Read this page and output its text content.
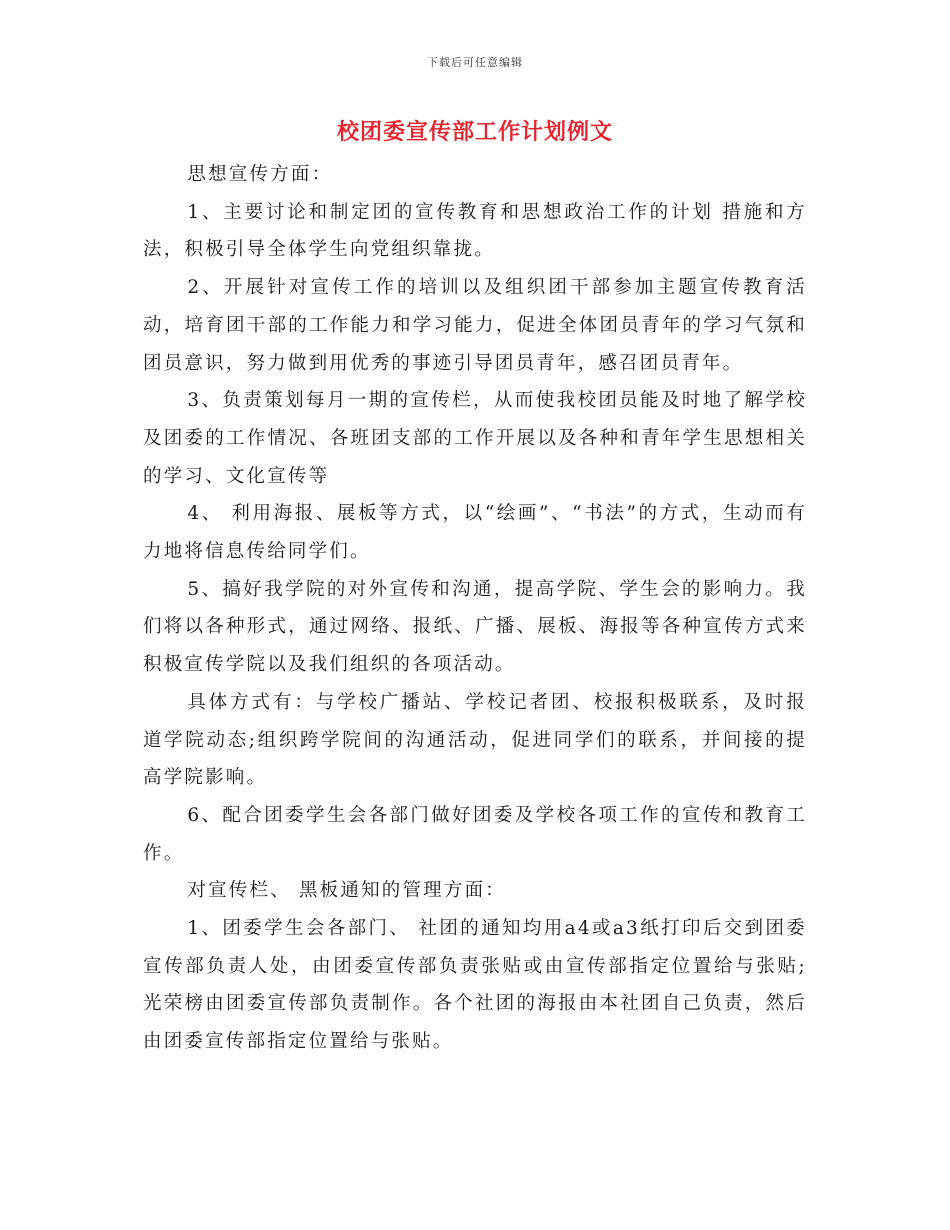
下载后可任意编辑
校团委宣传部工作计划例文

思想宣传方面：

1、主要讨论和制定团的宣传教育和思想政治工作的计划 措施和方法，积极引导全体学生向党组织靠拢。

2、开展针对宣传工作的培训以及组织团干部参加主题宣传教育活动，培育团干部的工作能力和学习能力，促进全体团员青年的学习气氛和团员意识，努力做到用优秀的事迹引导团员青年，感召团员青年。

3、负责策划每月一期的宣传栏，从而使我校团员能及时地了解学校及团委的工作情况、各班团支部的工作开展以及各种和青年学生思想相关的学习、文化宣传等

4、 利用海报、展板等方式，以“绘画”、“书法”的方式，生动而有力地将信息传给同学们。

5、搞好我学院的对外宣传和沟通，提高学院、学生会的影响力。我们将以各种形式，通过网络、报纸、广播、展板、海报等各种宣传方式来积极宣传学院以及我们组织的各项活动。

具体方式有：与学校广播站、学校记者团、校报积极联系，及时报道学院动态;组织跨学院间的沟通活动，促进同学们的联系，并间接的提高学院影响。

6、配合团委学生会各部门做好团委及学校各项工作的宣传和教育工作。

对宣传栏、 黑板通知的管理方面：

1、团委学生会各部门、 社团的通知均用a4或a3纸打印后交到团委宣传部负责人处，由团委宣传部负责张贴或由宣传部指定位置给与张贴;光荣榜由团委宣传部负责制作。各个社团的海报由本社团自己负责，然后由团委宣传部指定位置给与张贴。
